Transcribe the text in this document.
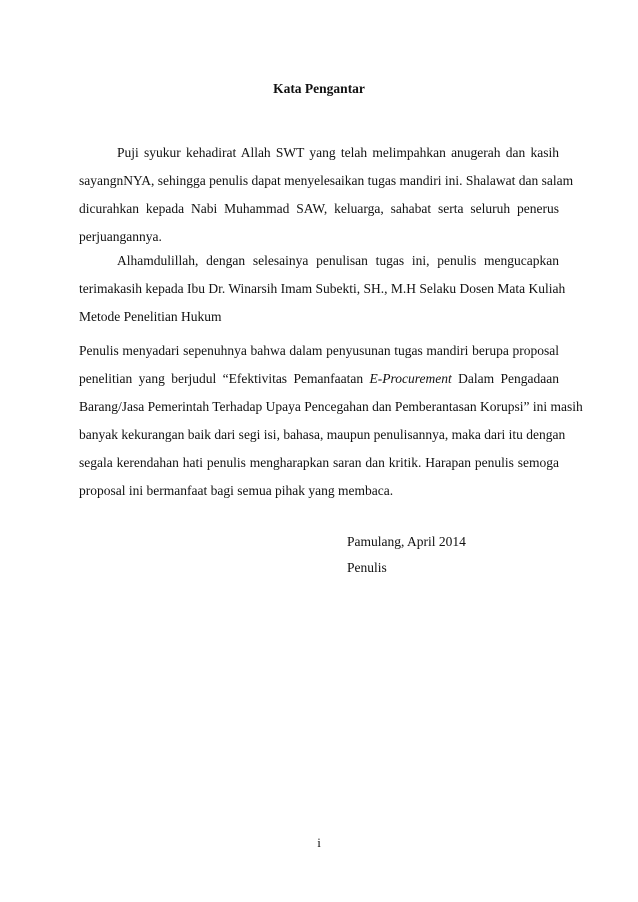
Kata Pengantar
Puji syukur kehadirat Allah SWT yang telah melimpahkan anugerah dan kasih
sayangnNYA, sehingga penulis dapat menyelesaikan tugas mandiri ini. Shalawat dan salam
dicurahkan kepada Nabi Muhammad SAW, keluarga, sahabat serta seluruh penerus
perjuangannya.
Alhamdulillah, dengan selesainya penulisan tugas ini, penulis mengucapkan
terimakasih kepada Ibu Dr. Winarsih Imam Subekti, SH., M.H Selaku Dosen Mata Kuliah
Metode Penelitian Hukum
Penulis menyadari sepenuhnya bahwa dalam penyusunan tugas mandiri berupa proposal
penelitian yang berjudul “Efektivitas Pemanfaatan E-Procurement Dalam Pengadaan
Barang/Jasa Pemerintah Terhadap Upaya Pencegahan dan Pemberantasan Korupsi” ini masih
banyak kekurangan baik dari segi isi, bahasa, maupun penulisannya, maka dari itu dengan
segala kerendahan hati penulis mengharapkan saran dan kritik. Harapan penulis semoga
proposal ini bermanfaat bagi semua pihak yang membaca.
Pamulang, April 2014
Penulis
i
